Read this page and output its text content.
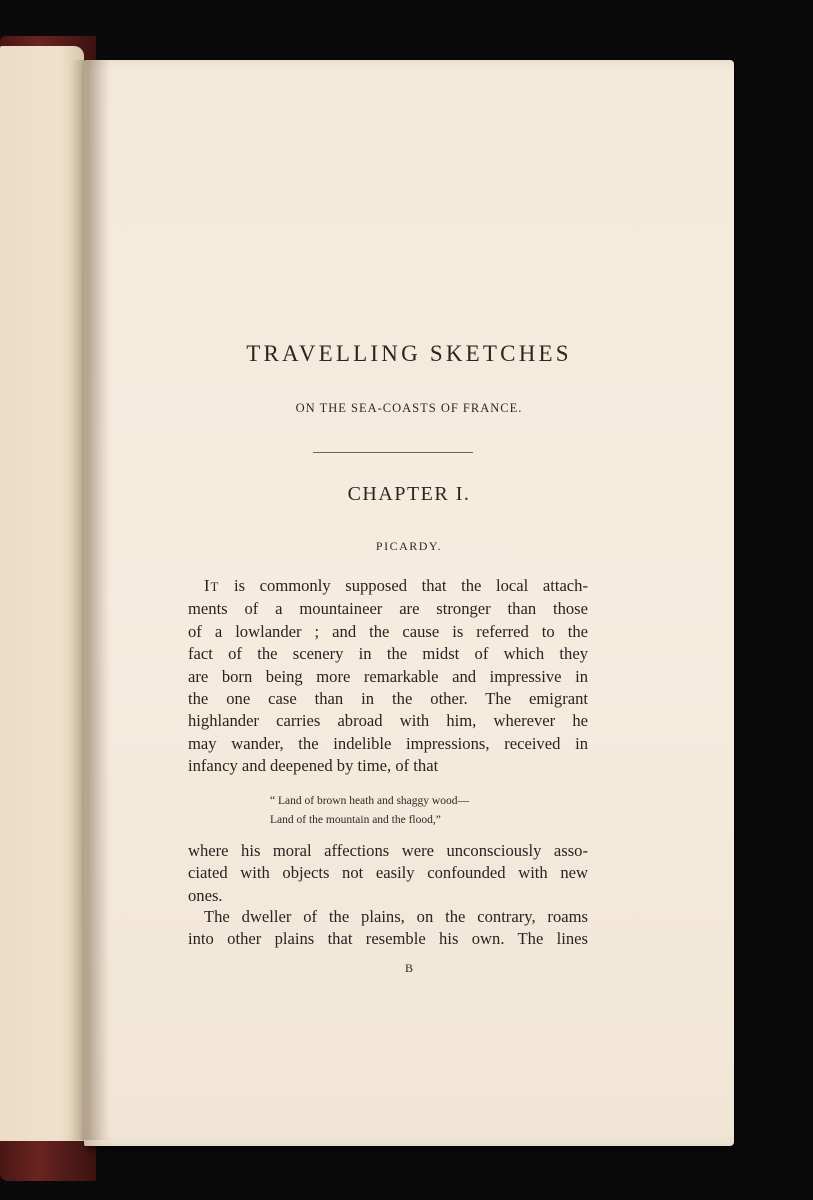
TRAVELLING SKETCHES
ON THE SEA-COASTS OF FRANCE.
CHAPTER I.
PICARDY.
IT is commonly supposed that the local attach-
ments of a mountaineer are stronger than those
of a lowlander ; and the cause is referred to the
fact of the scenery in the midst of which they
are born being more remarkable and impressive in
the one case than in the other. The emigrant
highlander carries abroad with him, wherever he
may wander, the indelible impressions, received in
infancy and deepened by time, of that
“ Land of brown heath and shaggy wood—
Land of the mountain and the flood,”
where his moral affections were unconsciously asso-
ciated with objects not easily confounded with new
ones.
The dweller of the plains, on the contrary, roams
into other plains that resemble his own. The lines
B
